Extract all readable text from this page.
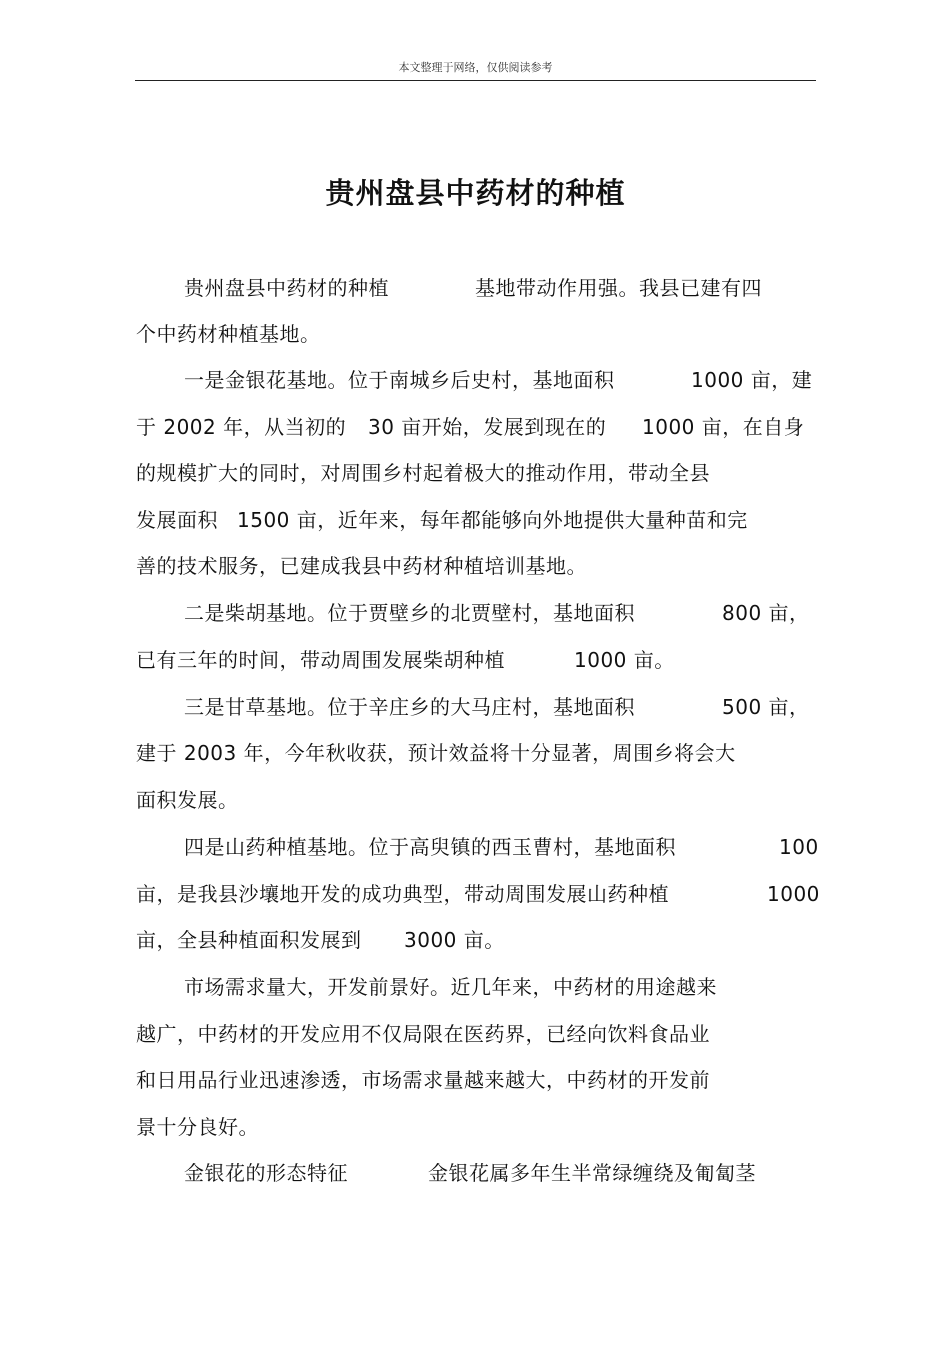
本文整理于网络，仅供阅读参考
贵州盘县中药材的种植
贵州盘县中药材的种植	基地带动作用强。我县已建有四
个中药材种植基地。
一是金银花基地。位于南城乡后史村，基地面积	1000 亩，建
于 2002 年，从当初的 30 亩开始，发展到现在的 1000 亩，在自身
的规模扩大的同时，对周围乡村起着极大的推动作用，带动全县
发展面积 1500 亩，近年来，每年都能够向外地提供大量种苗和完
善的技术服务，已建成我县中药材种植培训基地。
二是柴胡基地。位于贾壁乡的北贾壁村，基地面积	800 亩，
已有三年的时间，带动周围发展柴胡种植	1000 亩。
三是甘草基地。位于辛庄乡的大马庄村，基地面积	500 亩，
建于 2003 年，今年秋收获，预计效益将十分显著，周围乡将会大
面积发展。
四是山药种植基地。位于高臾镇的西玉曹村，基地面积	100
亩，是我县沙壤地开发的成功典型，带动周围发展山药种植	1000
亩，全县种植面积发展到 3000 亩。
市场需求量大，开发前景好。近几年来，中药材的用途越来
越广，中药材的开发应用不仅局限在医药界，已经向饮料食品业
和日用品行业迅速渗透，市场需求量越来越大，中药材的开发前
景十分良好。
金银花的形态特征	金银花属多年生半常绿缠绕及匍匐茎
